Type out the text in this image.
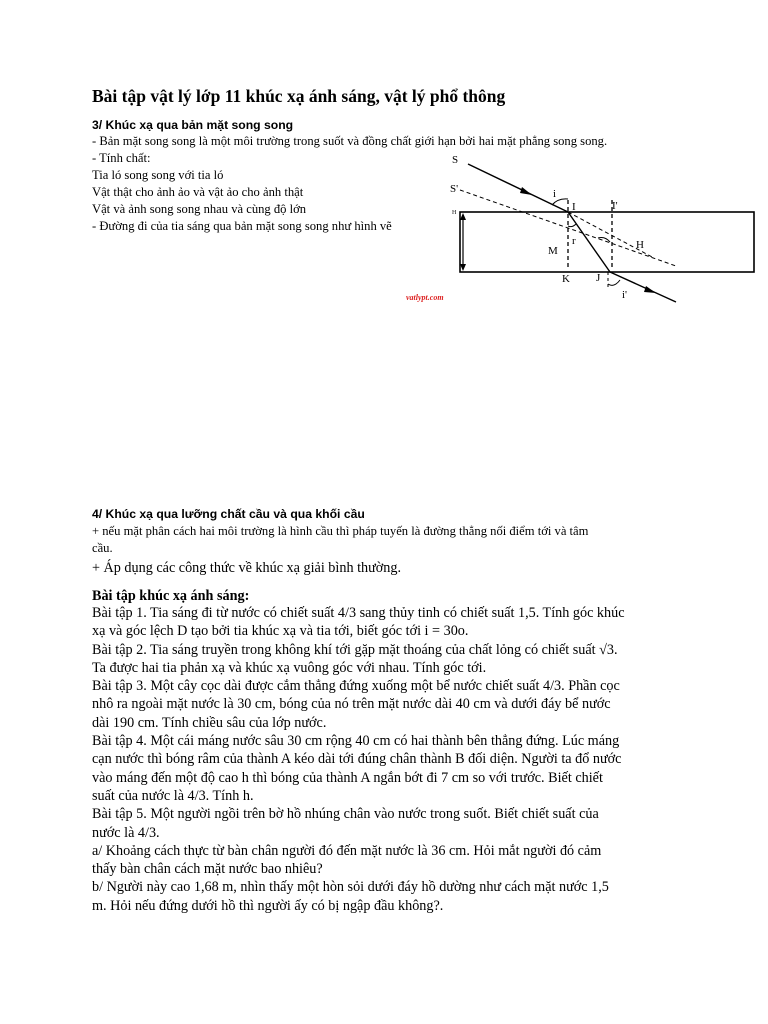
Bài tập vật lý lớp 11 khúc xạ ánh sáng, vật lý phổ thông
3/ Khúc xạ qua bản mặt song song
- Bản mặt song song là một môi trường trong suốt và đồng chất giới hạn bởi hai mặt phẳng song song.
- Tính chất:
Tia ló song song với tia ló
Vật thật cho ảnh ảo và vật ảo cho ảnh thật
Vật và ảnh song song nhau và cùng độ lớn
- Đường đi của tia sáng qua bản mặt song song như hình vẽ
S
S'
H
i
I	I'
r	H
M
K J
i'
vatlypt.com
4/ Khúc xạ qua lưỡng chất cầu và qua khối cầu
+ nếu mặt phân cách hai môi trường là hình cầu thì pháp tuyến là đường thẳng nối điểm tới và tâm
cầu.
+ Áp dụng các công thức về khúc xạ giải bình thường.
Bài tập khúc xạ ánh sáng:
Bài tập 1. Tia sáng đi từ nước có chiết suất 4/3 sang thủy tinh có chiết suất 1,5. Tính góc khúc
xạ và góc lệch D tạo bởi tia khúc xạ và tia tới, biết góc tới i = 30o.
Bài tập 2. Tia sáng truyền trong không khí tới gặp mặt thoáng của chất lỏng có chiết suất √3.
Ta được hai tia phản xạ và khúc xạ vuông góc với nhau. Tính góc tới.
Bài tập 3. Một cây cọc dài được cắm thẳng đứng xuống một bể nước chiết suất 4/3. Phần cọc
nhô ra ngoài mặt nước là 30 cm, bóng của nó trên mặt nước dài 40 cm và dưới đáy bể nước
dài 190 cm. Tính chiều sâu của lớp nước.
Bài tập 4. Một cái máng nước sâu 30 cm rộng 40 cm có hai thành bên thẳng đứng. Lúc máng
cạn nước thì bóng râm của thành A kéo dài tới đúng chân thành B đối diện. Người ta đổ nước
vào máng đến một độ cao h thì bóng của thành A ngắn bớt đi 7 cm so với trước. Biết chiết
suất của nước là 4/3. Tính h.
Bài tập 5. Một người ngồi trên bờ hồ nhúng chân vào nước trong suốt. Biết chiết suất của
nước là 4/3.
a/ Khoảng cách thực từ bàn chân người đó đến mặt nước là 36 cm. Hỏi mắt người đó cảm
thấy bàn chân cách mặt nước bao nhiêu?
b/ Người này cao 1,68 m, nhìn thấy một hòn sỏi dưới đáy hồ dường như cách mặt nước 1,5
m. Hỏi nếu đứng dưới hồ thì người ấy có bị ngập đầu không?.
